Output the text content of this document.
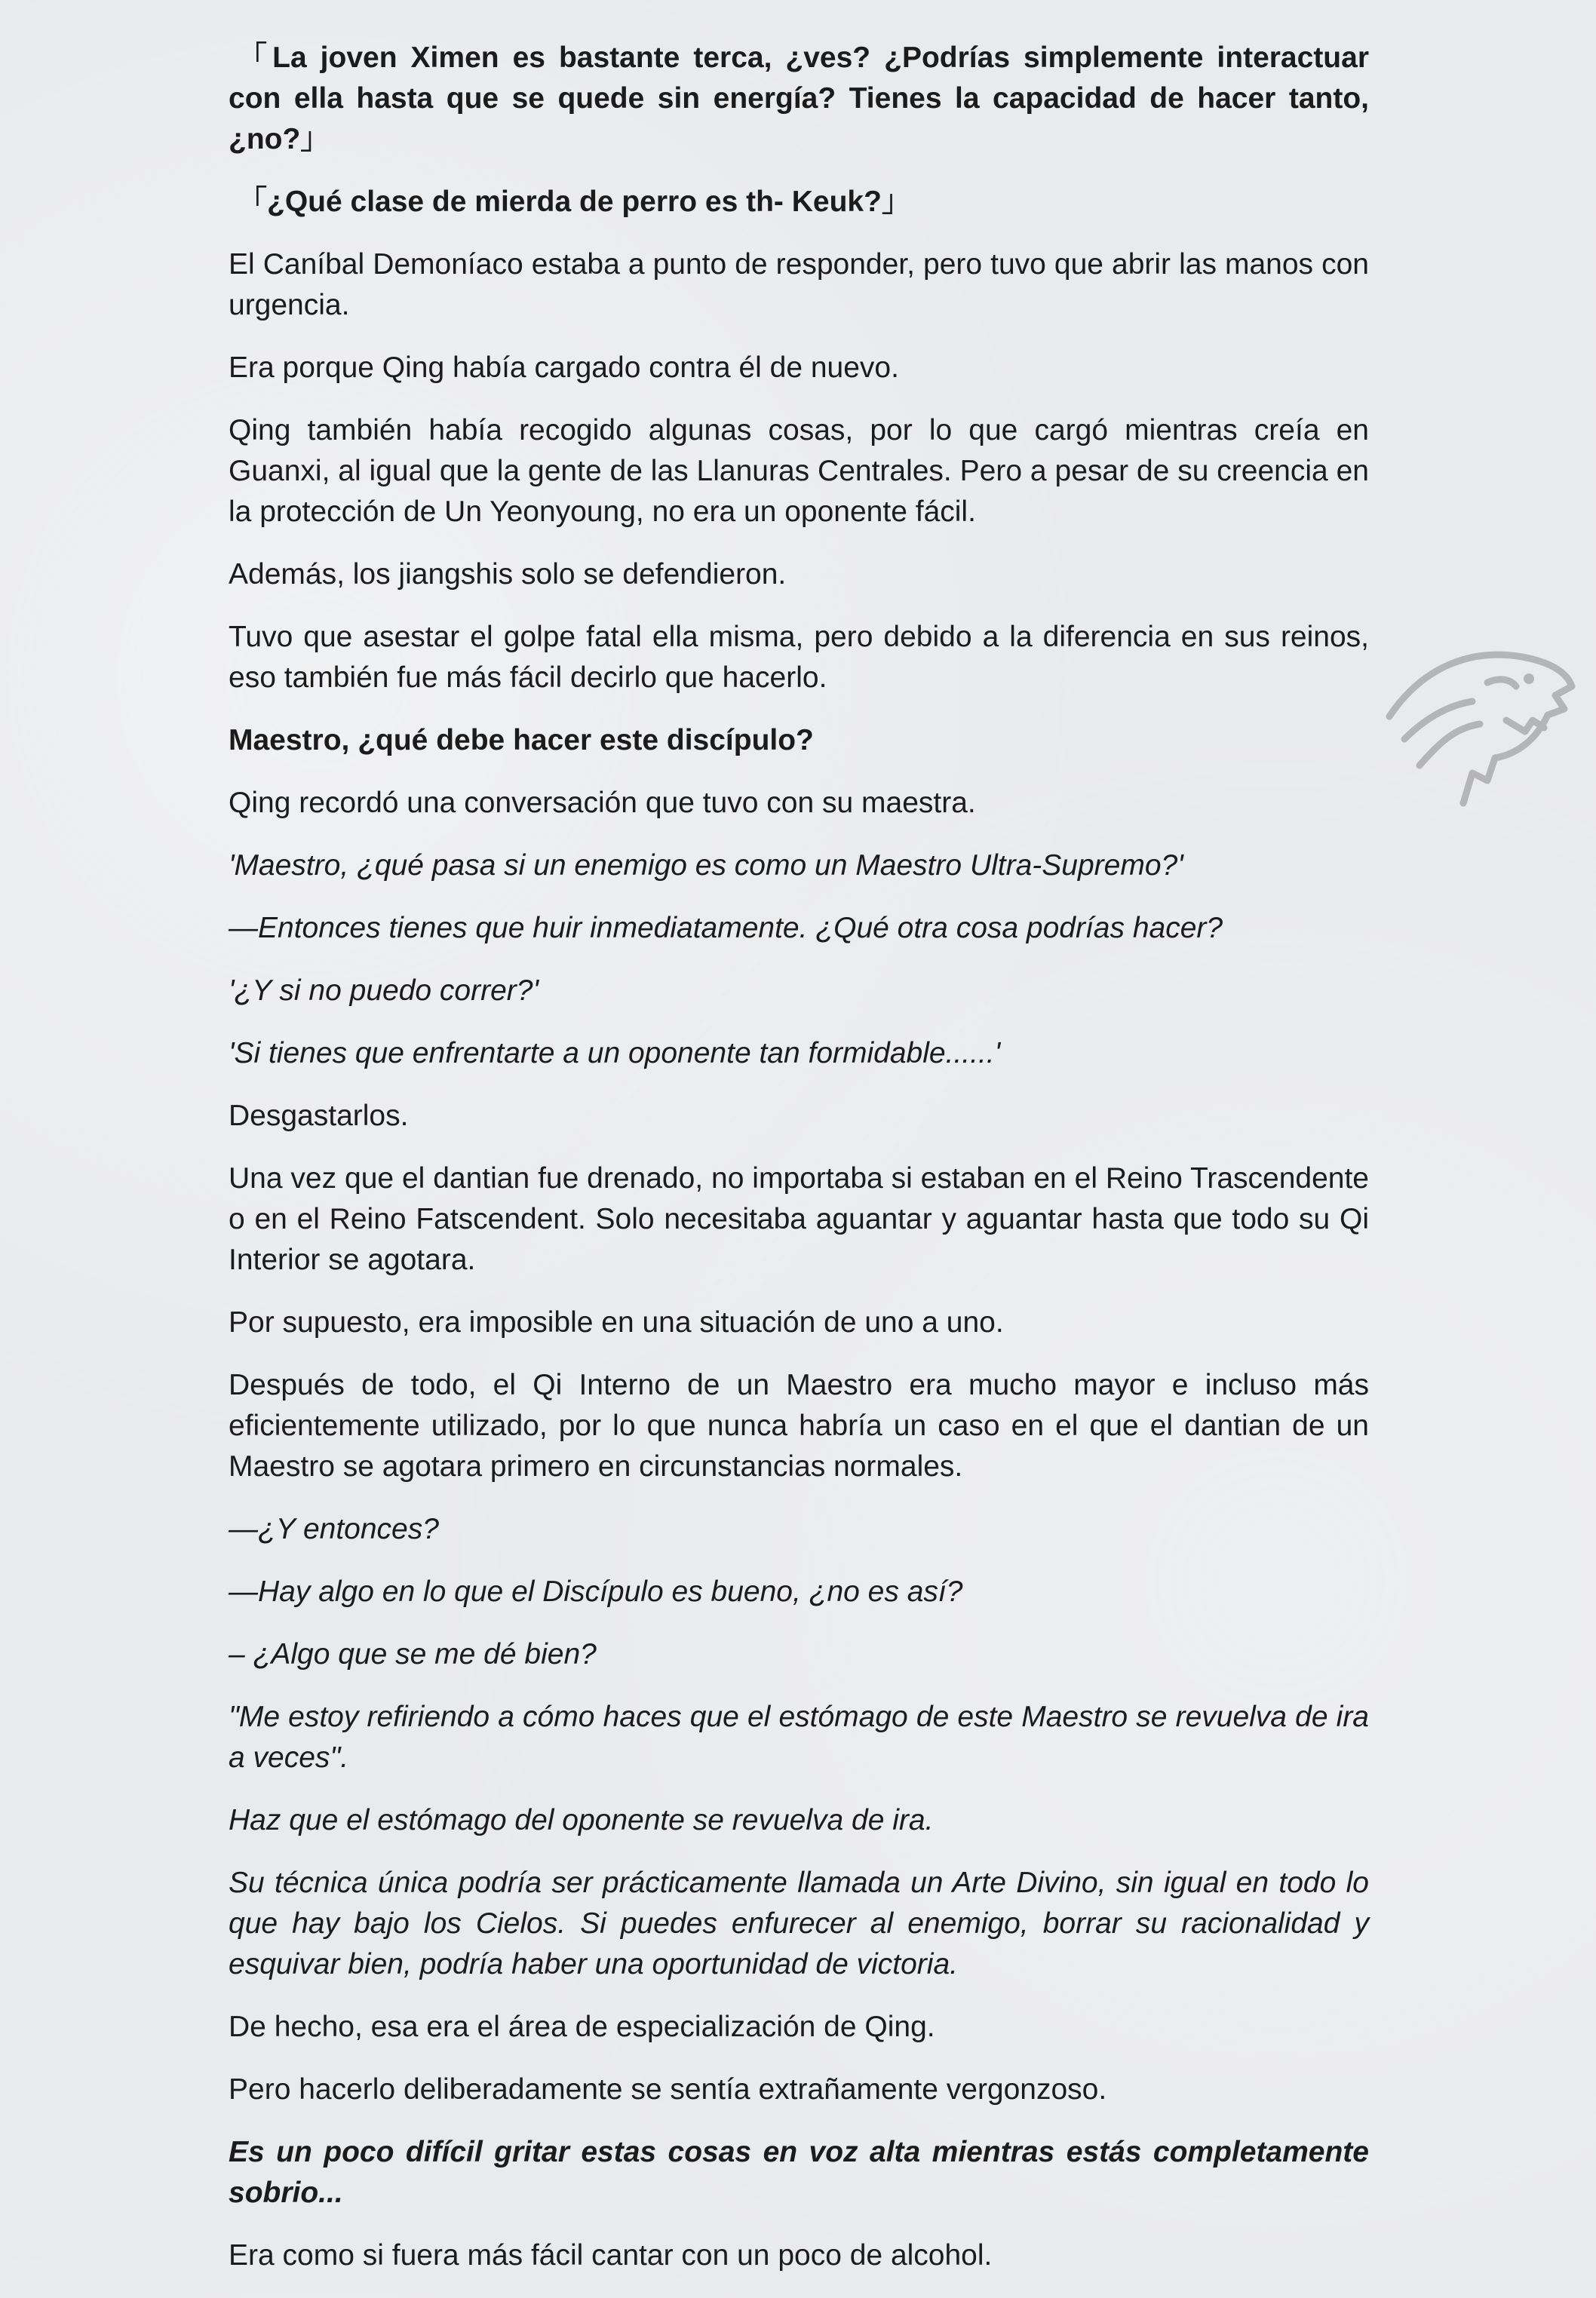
「La joven Ximen es bastante terca, ¿ves? ¿Podrías simplemente interactuar con ella hasta que se quede sin energía? Tienes la capacidad de hacer tanto, ¿no?」

「¿Qué clase de mierda de perro es th- Keuk?」

El Caníbal Demoníaco estaba a punto de responder, pero tuvo que abrir las manos con urgencia.

Era porque Qing había cargado contra él de nuevo.

Qing también había recogido algunas cosas, por lo que cargó mientras creía en Guanxi, al igual que la gente de las Llanuras Centrales. Pero a pesar de su creencia en la protección de Un Yeonyoung, no era un oponente fácil.

Además, los jiangshis solo se defendieron.

Tuvo que asestar el golpe fatal ella misma, pero debido a la diferencia en sus reinos, eso también fue más fácil decirlo que hacerlo.

Maestro, ¿qué debe hacer este discípulo?

Qing recordó una conversación que tuvo con su maestra.

'Maestro, ¿qué pasa si un enemigo es como un Maestro Ultra-Supremo?'

—Entonces tienes que huir inmediatamente. ¿Qué otra cosa podrías hacer?

'¿Y si no puedo correr?'

'Si tienes que enfrentarte a un oponente tan formidable......'

Desgastarlos.

Una vez que el dantian fue drenado, no importaba si estaban en el Reino Trascendente o en el Reino Fatscendent. Solo necesitaba aguantar y aguantar hasta que todo su Qi Interior se agotara.

Por supuesto, era imposible en una situación de uno a uno.

Después de todo, el Qi Interno de un Maestro era mucho mayor e incluso más eficientemente utilizado, por lo que nunca habría un caso en el que el dantian de un Maestro se agotara primero en circunstancias normales.

—¿Y entonces?

—Hay algo en lo que el Discípulo es bueno, ¿no es así?

– ¿Algo que se me dé bien?

"Me estoy refiriendo a cómo haces que el estómago de este Maestro se revuelva de ira a veces".

Haz que el estómago del oponente se revuelva de ira.

Su técnica única podría ser prácticamente llamada un Arte Divino, sin igual en todo lo que hay bajo los Cielos. Si puedes enfurecer al enemigo, borrar su racionalidad y esquivar bien, podría haber una oportunidad de victoria.

De hecho, esa era el área de especialización de Qing.

Pero hacerlo deliberadamente se sentía extrañamente vergonzoso.

Es un poco difícil gritar estas cosas en voz alta mientras estás completamente sobrio...

Era como si fuera más fácil cantar con un poco de alcohol.
